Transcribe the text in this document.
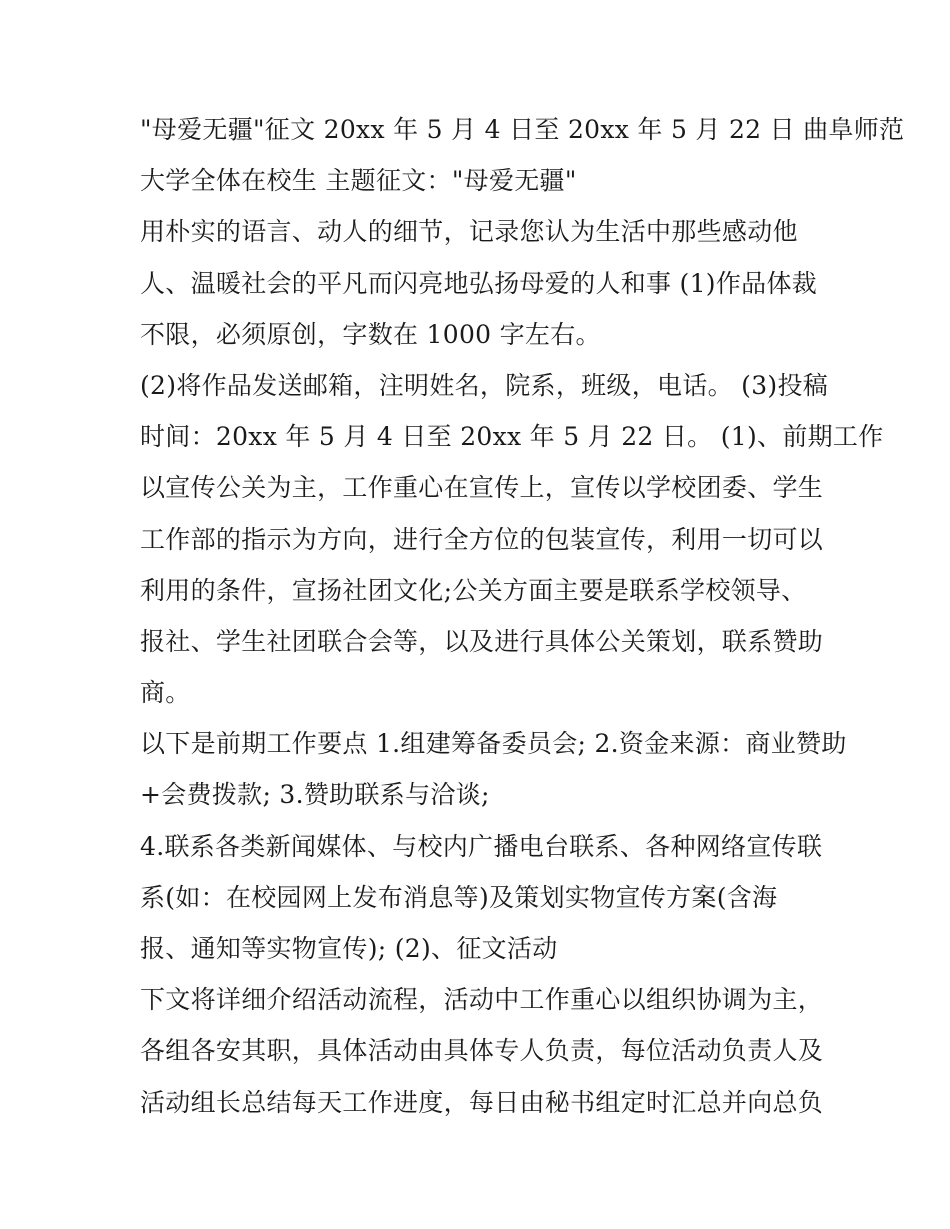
"母爱无疆"征文 20xx 年 5 月 4 日至 20xx 年 5 月 22 日 曲阜师范
大学全体在校生 主题征文："母爱无疆"
用朴实的语言、动人的细节，记录您认为生活中那些感动他
人、温暖社会的平凡而闪亮地弘扬母爱的人和事 (1)作品体裁
不限，必须原创，字数在 1000 字左右。
(2)将作品发送邮箱，注明姓名，院系，班级，电话。 (3)投稿
时间：20xx 年 5 月 4 日至 20xx 年 5 月 22 日。 (1)、前期工作
以宣传公关为主，工作重心在宣传上，宣传以学校团委、学生
工作部的指示为方向，进行全方位的包装宣传，利用一切可以
利用的条件，宣扬社团文化;公关方面主要是联系学校领导、
报社、学生社团联合会等，以及进行具体公关策划，联系赞助
商。
以下是前期工作要点 1.组建筹备委员会; 2.资金来源：商业赞助
+会费拨款; 3.赞助联系与洽谈;
4.联系各类新闻媒体、与校内广播电台联系、各种网络宣传联
系(如：在校园网上发布消息等)及策划实物宣传方案(含海
报、通知等实物宣传); (2)、征文活动
下文将详细介绍活动流程，活动中工作重心以组织协调为主，
各组各安其职，具体活动由具体专人负责，每位活动负责人及
活动组长总结每天工作进度，每日由秘书组定时汇总并向总负
